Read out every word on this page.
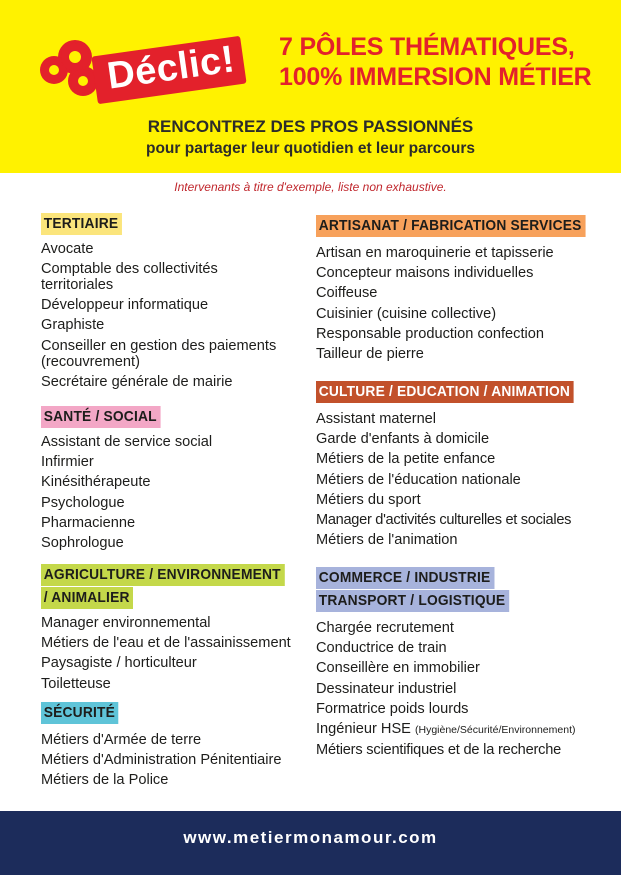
Déclic!	7 PÔLES THÉMATIQUES,
100% IMMERSION MÉTIER
RENCONTREZ DES PROS PASSIONNÉS
pour partager leur quotidien et leur parcours
Intervenants à titre d'exemple, liste non exhaustive.
TERTIAIRE
Avocate
Comptable des collectivités
territoriales
Développeur informatique
Graphiste
Conseiller en gestion des paiements
(recouvrement)
Secrétaire générale de mairie
SANTÉ / SOCIAL
Assistant de service social
Infirmier
Kinésithérapeute
Psychologue
Pharmacienne
Sophrologue
AGRICULTURE / ENVIRONNEMENT
/ ANIMALIER
Manager environnemental
Métiers de l'eau et de l'assainissement
Paysagiste / horticulteur
Toiletteuse
SÉCURITÉ
Métiers d'Armée de terre
Métiers d'Administration Pénitentiaire
Métiers de la Police
ARTISANAT / FABRICATION SERVICES
Artisan en maroquinerie et tapisserie
Concepteur maisons individuelles
Coiffeuse
Cuisinier (cuisine collective)
Responsable production confection
Tailleur de pierre
CULTURE / EDUCATION / ANIMATION
Assistant maternel
Garde d'enfants à domicile
Métiers de la petite enfance
Métiers de l'éducation nationale
Métiers du sport
Manager d'activités culturelles et sociales
Métiers de l'animation
COMMERCE / INDUSTRIE
TRANSPORT / LOGISTIQUE
Chargée recrutement
Conductrice de train
Conseillère en immobilier
Dessinateur industriel
Formatrice poids lourds
Ingénieur HSE (Hygiène/Sécurité/Environnement)
Métiers scientifiques et de la recherche
www.metiermonamour.com
